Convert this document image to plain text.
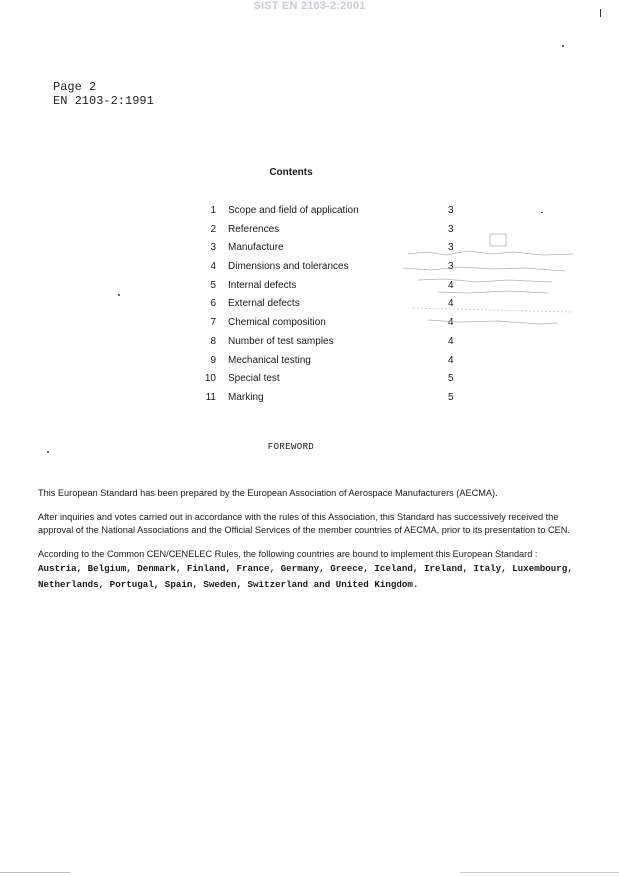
SIST EN 2103-2:2001
Page 2
EN 2103-2:1991
Contents
1 Scope and field of application	3
2 References	3
3 Manufacture	3
4 Dimensions and tolerances	3
5 Internal defects	4
6 External defects	4
7 Chemical composition	4
8 Number of test samples	4
9 Mechanical testing	4
10 Special test	5
11 Marking	5
FOREWORD

This European Standard has been prepared by the European Association of Aerospace Manufacturers (AECMA).

After inquiries and votes carried out in accordance with the rules of this Association, this Standard has successively received the approval of the National Associations and the Official Services of the member countries of AECMA, prior to its presentation to CEN.

According to the Common CEN/CENELEC Rules, the following countries are bound to implement this European Standard : Austria, Belgium, Denmark, Finland, France, Germany, Greece, Iceland, Ireland, Italy, Luxembourg, Netherlands, Portugal, Spain, Sweden, Switzerland and United Kingdom.
